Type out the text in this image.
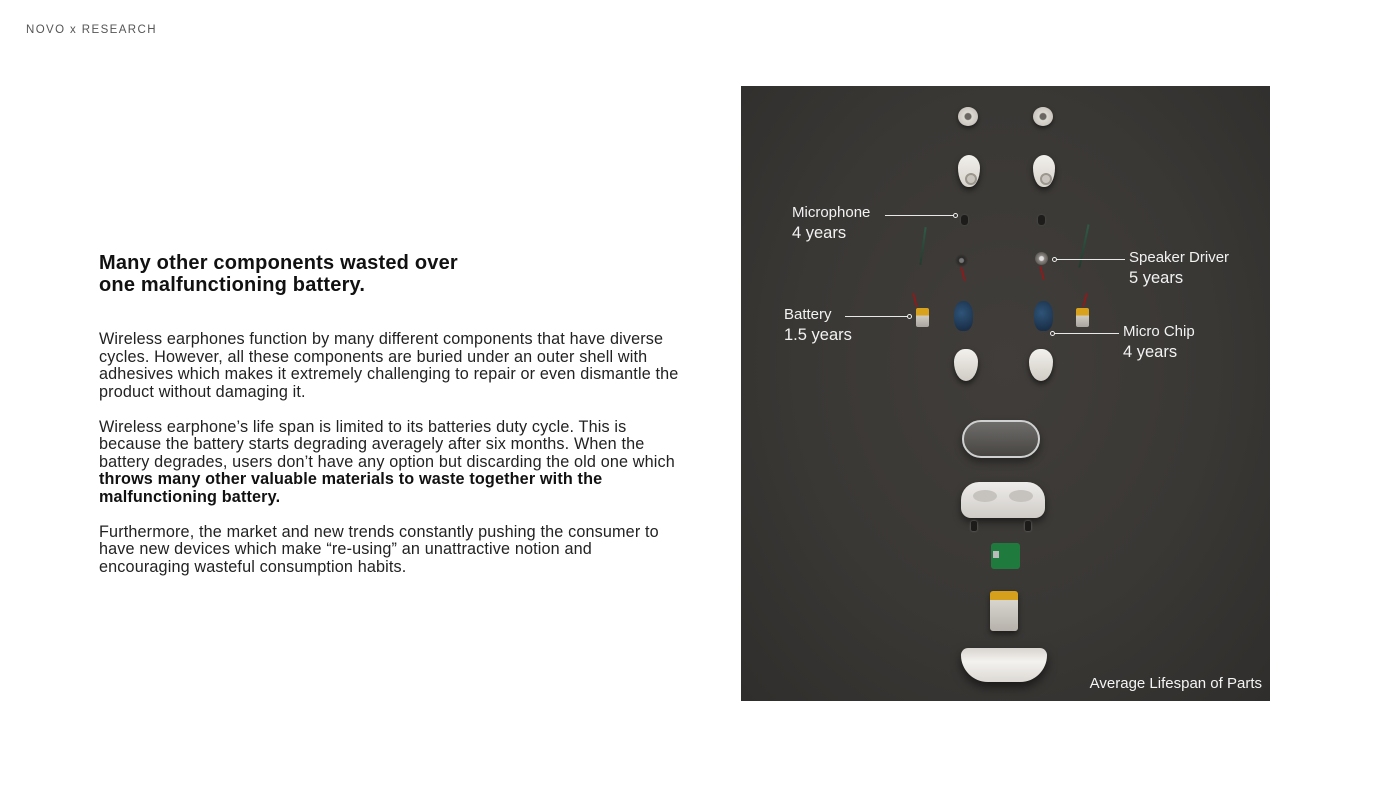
NOVO x RESEARCH
Many other components wasted over
one malfunctioning battery.

Wireless earphones function by many different components that have diverse cycles. However, all these components are buried under an outer shell with adhesives which makes it extremely challenging to repair or even dismantle the product without damaging it.

Wireless earphone’s life span is limited to its batteries duty cycle. This is because the battery starts degrading averagely after six months. When the battery degrades, users don’t have any option but discarding the old one which throws many other valuable materials to waste together with the malfunctioning battery.

Furthermore, the market and new trends constantly pushing the consumer to have new devices which make “re-using” an unattractive notion and encouraging wasteful consumption habits.

Microphone
4 years
Speaker Driver
5 years
Battery
1.5 years	Micro Chip
4 years
Average Lifespan of Parts
